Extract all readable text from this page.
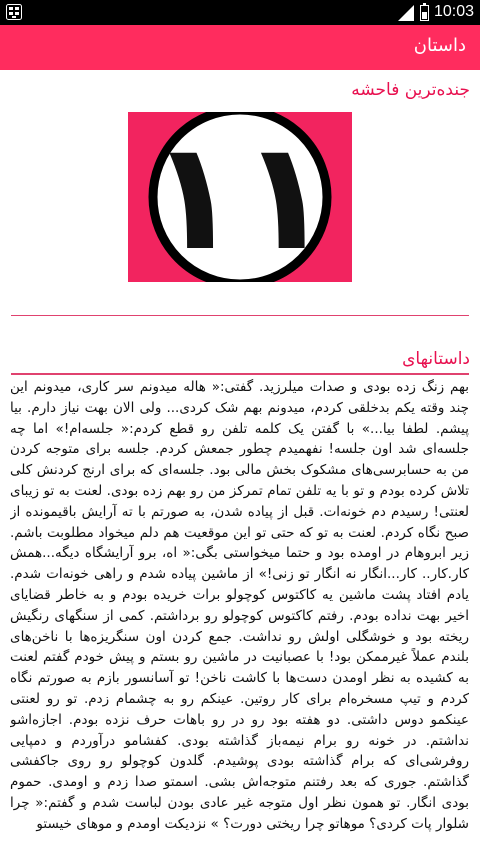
10:03
داستان
جنده‌ترین فاحشه
۱۱
داستانهای
بهم زنگ زده بودی و صدات میلرزید. گفتی:« هاله میدونم سر کاری، میدونم این چند وقته یکم بدخلقی کردم، میدونم بهم شک کردی... ولی الان بهت نیاز دارم. بیا پیشم. لطفا بیا...» با گفتن یک کلمه تلفن رو قطع کردم:« جلسه‌ام!» اما چه جلسه‌ای شد اون جلسه! نفهمیدم چطور جمعش کردم. جلسه برای متوجه کردن من به حسابرسی‌های مشکوک بخش مالی بود. جلسه‌ای که برای ارنج کردنش کلی تلاش کرده بودم و تو با یه تلفن تمام تمرکز من رو بهم زده بودی. لعنت به تو زیبای لعنتی! رسیدم دم خونه‌ات. قبل از پیاده شدن، به صورتم با ته آرایش باقیمونده از صبح نگاه کردم. لعنت به تو که حتی تو این موقعیت هم دلم میخواد مطلوبت باشم. زیر ابروهام در اومده بود و حتما میخواستی بگی:« اه، برو آرایشگاه دیگه...همش کار.کار.. کار...انگار نه انگار تو زنی!» از ماشین پیاده شدم و راهی خونه‌ات شدم. یادم افتاد پشت ماشین یه کاکتوس کوچولو برات خریده بودم و به خاطر قضایای اخیر بهت نداده بودم. رفتم کاکتوس کوچولو رو برداشتم. کمی از سنگهای رنگیش ریخته بود و خوشگلی اولش رو نداشت. جمع کردن اون سنگریزه‌ها با ناخن‌های بلندم عملاً غیرممکن بود! با عصبانیت در ماشین رو بستم و پیش خودم گفتم لعنت به کشیده به نظر اومدن دست‌ها با کاشت ناخن! تو آسانسور بازم به صورتم نگاه کردم و تیپ مسخره‌ام برای کار روتین. عینکم رو به چشمام زدم. تو رو لعنتی عینکمو دوس داشتی. دو هفته بود رو در رو باهات حرف نزده بودم. اجازه‌اشو نداشتم. در خونه رو برام نیمه‌باز گذاشته بودی. کفشامو درآوردم و دمپایی روفرشی‌ای که برام گذاشته بودی پوشیدم. گلدون کوچولو رو روی جاکفشی گذاشتم. جوری که بعد رفتنم متوجه‌اش بشی. اسمتو صدا زدم و اومدی. حموم بودی انگار. تو همون نظر اول متوجه غیر عادی بودن لباست شدم و گفتم:« چرا شلوار پات کردی؟ موهاتو چرا ریختی دورت؟ » نزدیکت اومدم و موهای خیستو
